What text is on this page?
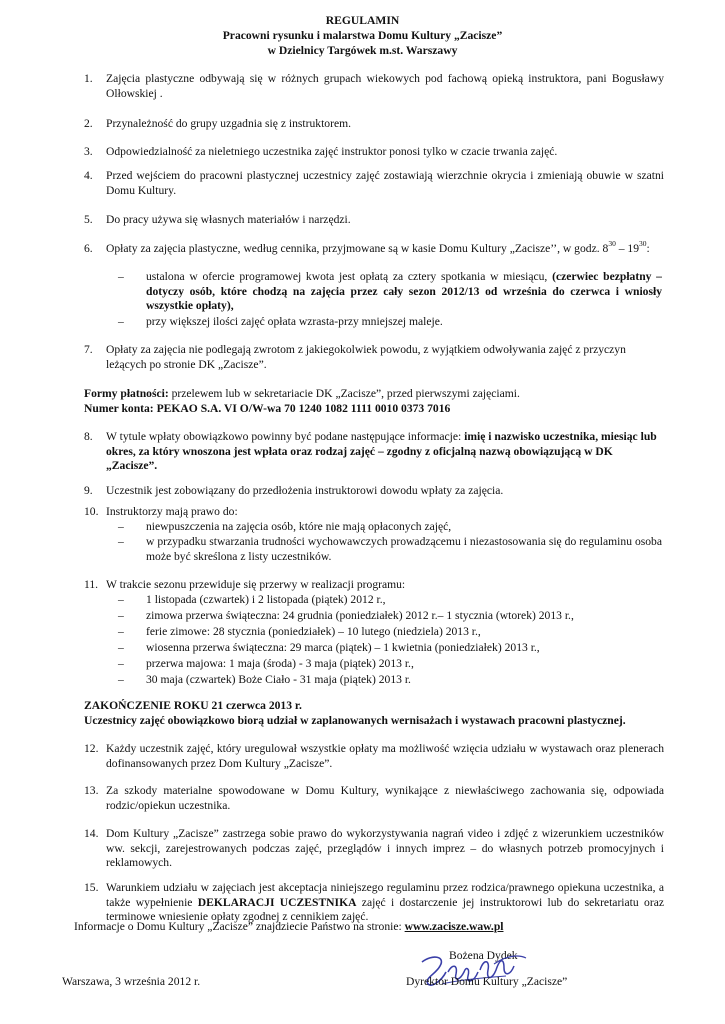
REGULAMIN
Pracowni rysunku i malarstwa Domu Kultury „Zacisze”
w Dzielnicy Targówek m.st. Warszawy
1. Zajęcia plastyczne odbywają się w różnych grupach wiekowych pod fachową opieką instruktora, pani Bogusławy Olłowskiej .
2. Przynależność do grupy uzgadnia się z instruktorem.
3. Odpowiedzialność za nieletniego uczestnika zajęć instruktor ponosi tylko w czacie trwania zajęć.
4. Przed wejściem do pracowni plastycznej uczestnicy zajęć zostawiają wierzchnie okrycia i zmieniają obuwie w szatni Domu Kultury.
5. Do pracy używa się własnych materiałów i narzędzi.
6. Opłaty za zajęcia plastyczne, według cennika, przyjmowane są w kasie Domu Kultury „Zacisze’’, w godz. $8^{30} - 19^{30}$:
– ustalona w ofercie programowej kwota jest opłatą za cztery spotkania w miesiącu, (czerwiec bezpłatny – dotyczy osób, które chodzą na zajęcia przez cały sezon 2012/13 od września do czerwca i wniosły wszystkie opłaty),
– przy większej ilości zajęć opłata wzrasta-przy mniejszej maleje.
7. Opłaty za zajęcia nie podlegają zwrotom z jakiegokolwiek powodu, z wyjątkiem odwoływania zajęć z przyczyn leżących po stronie DK „Zacisze”.
Formy płatności: przelewem lub w sekretariacie DK „Zacisze”, przed pierwszymi zajęciami.
Numer konta: PEKAO S.A. VI O/W-wa 70 1240 1082 1111 0010 0373 7016
8. W tytule wpłaty obowiązkowo powinny być podane następujące informacje: imię i nazwisko uczestnika, miesiąc lub okres, za który wnoszona jest wpłata oraz rodzaj zajęć – zgodny z oficjalną nazwą obowiązującą w DK „Zacisze”.
9. Uczestnik jest zobowiązany do przedłożenia instruktorowi dowodu wpłaty za zajęcia.
10. Instruktorzy mają prawo do:
– niewpuszczenia na zajęcia osób, które nie mają opłaconych zajęć,
– w przypadku stwarzania trudności wychowawczych prowadzącemu i niezastosowania się do regulaminu osoba może być skreślona z listy uczestników.
11. W trakcie sezonu przewiduje się przerwy w realizacji programu:
– 1 listopada (czwartek) i 2 listopada (piątek) 2012 r.,
– zimowa przerwa świąteczna: 24 grudnia (poniedziałek) 2012 r.– 1 stycznia (wtorek) 2013 r.,
– ferie zimowe: 28 stycznia (poniedziałek) – 10 lutego (niedziela) 2013 r.,
– wiosenna przerwa świąteczna: 29 marca (piątek) – 1 kwietnia (poniedziałek) 2013 r.,
– przerwa majowa: 1 maja (środa) - 3 maja (piątek) 2013 r.,
– 30 maja (czwartek) Boże Ciało - 31 maja (piątek) 2013 r.
ZAKOŃCZENIE ROKU 21 czerwca 2013 r.
Uczestnicy zajęć obowiązkowo biorą udział w zaplanowanych wernisażach i wystawach pracowni plastycznej.
12. Każdy uczestnik zajęć, który uregulował wszystkie opłaty ma możliwość wzięcia udziału w wystawach oraz plenerach dofinansowanych przez Dom Kultury „Zacisze”.
13. Za szkody materialne spowodowane w Domu Kultury, wynikające z niewłaściwego zachowania się, odpowiada rodzic/opiekun uczestnika.
14. Dom Kultury „Zacisze” zastrzega sobie prawo do wykorzystywania nagrań video i zdjęć z wizerunkiem uczestników ww. sekcji, zarejestrowanych podczas zajęć, przeglądów i innych imprez – do własnych potrzeb promocyjnych i reklamowych.
15. Warunkiem udziału w zajęciach jest akceptacja niniejszego regulaminu przez rodzica/prawnego opiekuna uczestnika, a także wypełnienie DEKLARACJI UCZESTNIKA zajęć i dostarczenie jej instruktorowi lub do sekretariatu oraz terminowe wniesienie opłaty zgodnej z cennikiem zajęć.
Informacje o Domu Kultury „Zacisze” znajdziecie Państwo na stronie: www.zacisze.waw.pl
Bożena Dydek
Warszawa, 3 września 2012 r.	Dyrektor Domu Kultury „Zacisze”
